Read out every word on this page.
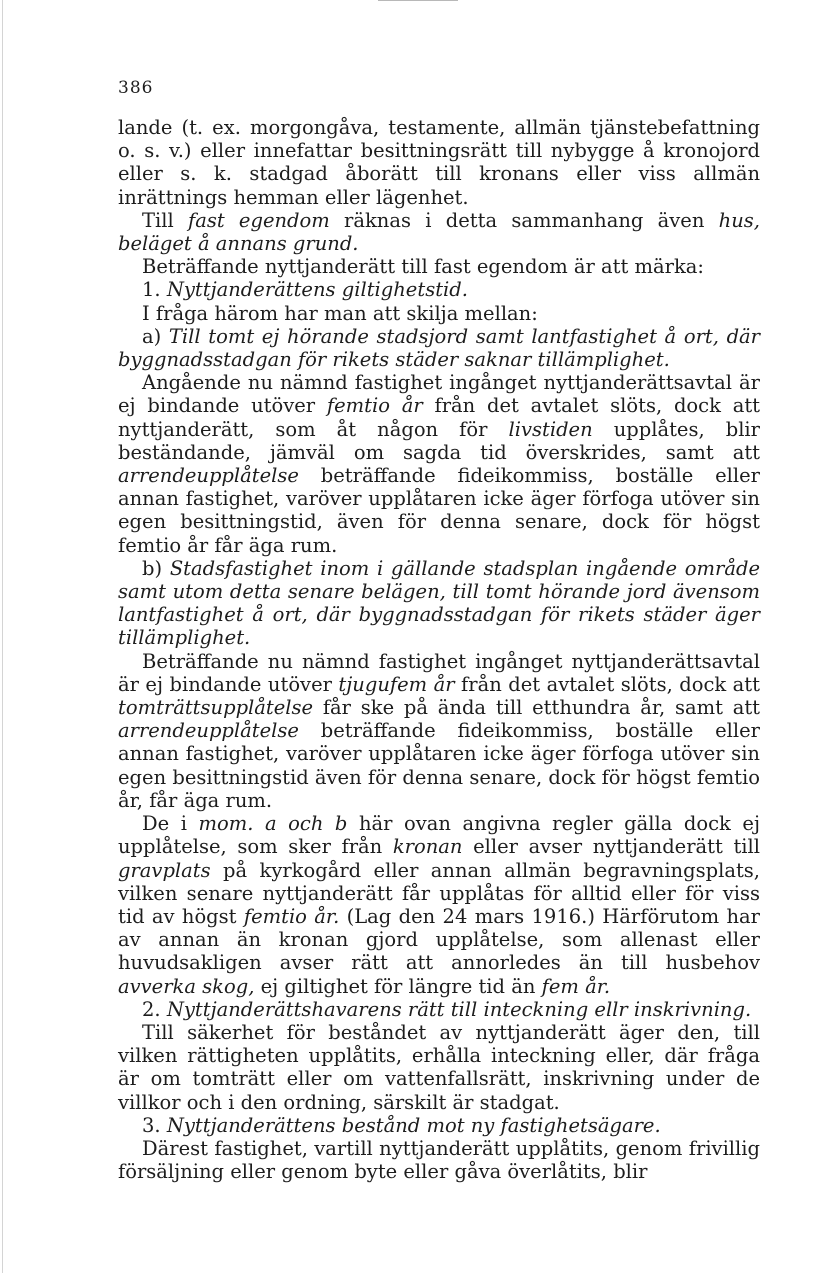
386

lande (t. ex. morgongåva, testamente, allmän tjänstebefattning o. s. v.) eller innefattar besittningsrätt till nybygge å kronojord eller s. k. stadgad åborätt till kronans eller viss allmän inrättnings hemman eller lägenhet.

Till fast egendom räknas i detta sammanhang även hus, beläget å annans grund.

Beträffande nyttjanderätt till fast egendom är att märka:

1. Nyttjanderättens giltighetstid.

I fråga härom har man att skilja mellan:

a) Till tomt ej hörande stadsjord samt lantfastighet å ort, där byggnadsstadgan för rikets städer saknar tillämplighet.

Angående nu nämnd fastighet ingånget nyttjanderättsavtal är ej bindande utöver femtio år från det avtalet slöts, dock att nyttjanderätt, som åt någon för livstiden upplåtes, blir beständande, jämväl om sagda tid överskrides, samt att arrendeupplåtelse beträffande fideikommiss, boställe eller annan fastighet, varöver upplåtaren icke äger förfoga utöver sin egen besittningstid, även för denna senare, dock för högst femtio år får äga rum.

b) Stadsfastighet inom i gällande stadsplan ingående område samt utom detta senare belägen, till tomt hörande jord ävensom lantfastighet å ort, där byggnadsstadgan för rikets städer äger tillämplighet.

Beträffande nu nämnd fastighet ingånget nyttjanderättsavtal är ej bindande utöver tjugufem år från det avtalet slöts, dock att tomträttsupplåtelse får ske på ända till etthundra år, samt att arrendeupplåtelse beträffande fideikommiss, boställe eller annan fastighet, varöver upplåtaren icke äger förfoga utöver sin egen besittningstid även för denna senare, dock för högst femtio år, får äga rum.

De i mom. a och b här ovan angivna regler gälla dock ej upplåtelse, som sker från kronan eller avser nyttjanderätt till gravplats på kyrkogård eller annan allmän begravningsplats, vilken senare nyttjanderätt får upplåtas för alltid eller för viss tid av högst femtio år. (Lag den 24 mars 1916.) Härförutom har av annan än kronan gjord upplåtelse, som allenast eller huvudsakligen avser rätt att annorledes än till husbehov avverka skog, ej giltighet för längre tid än fem år.

2. Nyttjanderättshavarens rätt till inteckning ellr inskrivning.

Till säkerhet för beståndet av nyttjanderätt äger den, till vilken rättigheten upplåtits, erhålla inteckning eller, där fråga är om tomträtt eller om vattenfallsrätt, inskrivning under de villkor och i den ordning, särskilt är stadgat.

3. Nyttjanderättens bestånd mot ny fastighetsägare.

Därest fastighet, vartill nyttjanderätt upplåtits, genom frivillig försäljning eller genom byte eller gåva överlåtits, blir
